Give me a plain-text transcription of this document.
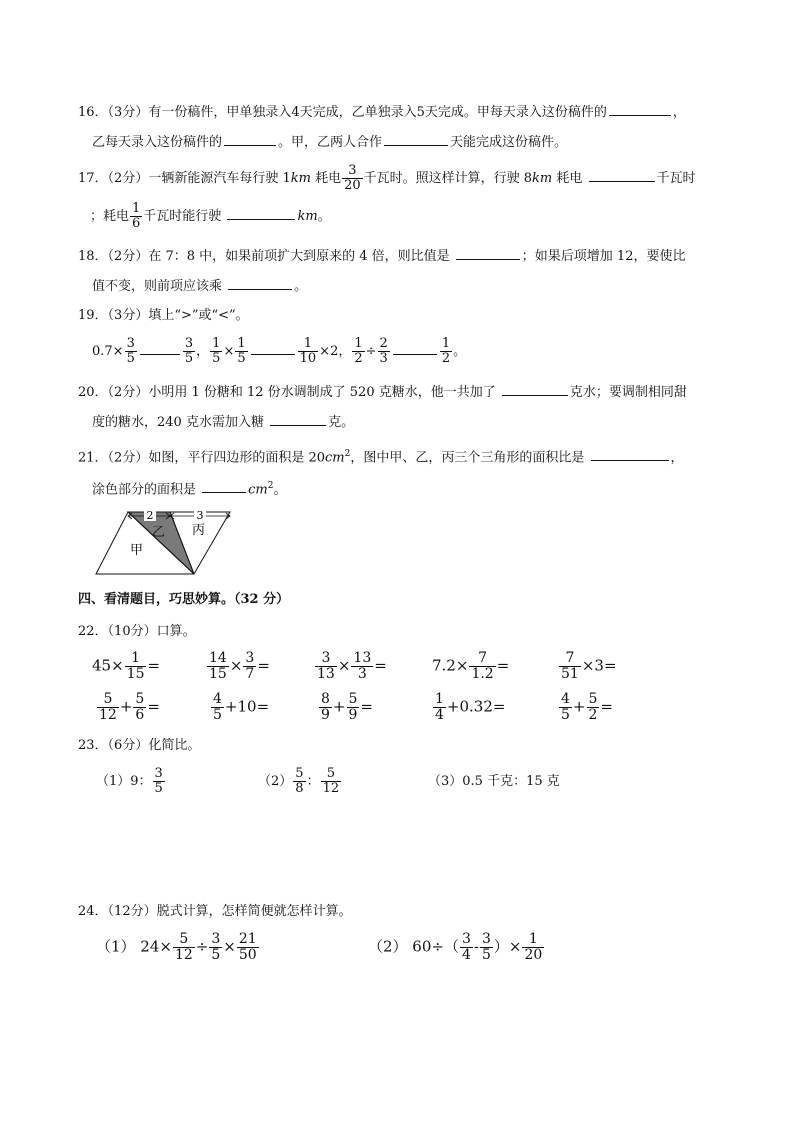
16．（3分）有一份稿件，甲单独录入4天完成，乙单独录入5天完成。甲每天录入这份稿件的	，
乙每天录入这份稿件的	。甲，乙两人合作	天能完成这份稿件。
17．（2分）一辆新能源汽车每行驶 1km 耗电 $\frac{3}{20}$ 千瓦时。照这样计算，行驶 8km 耗电	千瓦时
；耗电 $\frac{1}{6}$ 千瓦时能行驶	km。
18．（2分）在 7：8 中，如果前项扩大到原来的 4 倍，则比值是	；如果后项增加 12，要使比
值不变，则前项应该乘	。
19．（3分）填上“>”或“<”。
$0.7\times \frac{3}{5}$	$\frac{3}{5}$ ， $\frac{1}{5} \times \frac{1}{5}$	$\frac{1}{10} \times 2$， $\frac{1}{2} \div \frac{2}{3}$	$\frac{1}{2}$ 。
20．（2分）小明用 1 份糖和 12 份水调制成了 520 克糖水，他一共加了	克水；要调制相同甜
度的糖水，240 克水需加入糖	克。
21．（2分）如图，平行四边形的面积是 $20cm^2$，图中甲、乙，丙三个三角形的面积比是	，
涂色部分的面积是	$cm^2$。
2	3
甲
乙 丙
四、看清题目，巧思妙算。（32 分）
22．（10分）口算。
$45\times \frac{1}{15}$ =	$\frac{14}{15} \times \frac{3}{7}$ =	$\frac{3}{13} \times \frac{13}{3}$ =	$7.2\times \frac{7}{1.2}$ =	$\frac{7}{51} \times 3=$
$\frac{5}{12} + \frac{5}{6}$ =	$\frac{4}{5} +10=$	$\frac{8}{9} + \frac{5}{9}$ =	$\frac{1}{4} +0.32=$	$\frac{4}{5} + \frac{5}{2}$ =
23．（6分）化简比。
（1）9： $\frac{3}{5}$	$(2) \frac{5}{8}$ ： $\frac{5}{12}$	（3）0.5 千克：15 克
24．（12分）脱式计算，怎样简便就怎样计算。
（1） $24\times \frac{5}{12} \div \frac{3}{5} \times \frac{21}{50}$	（2） $60\div( \frac{3}{4} - \frac{3}{5}$ ）× $\frac{1}{20}$
